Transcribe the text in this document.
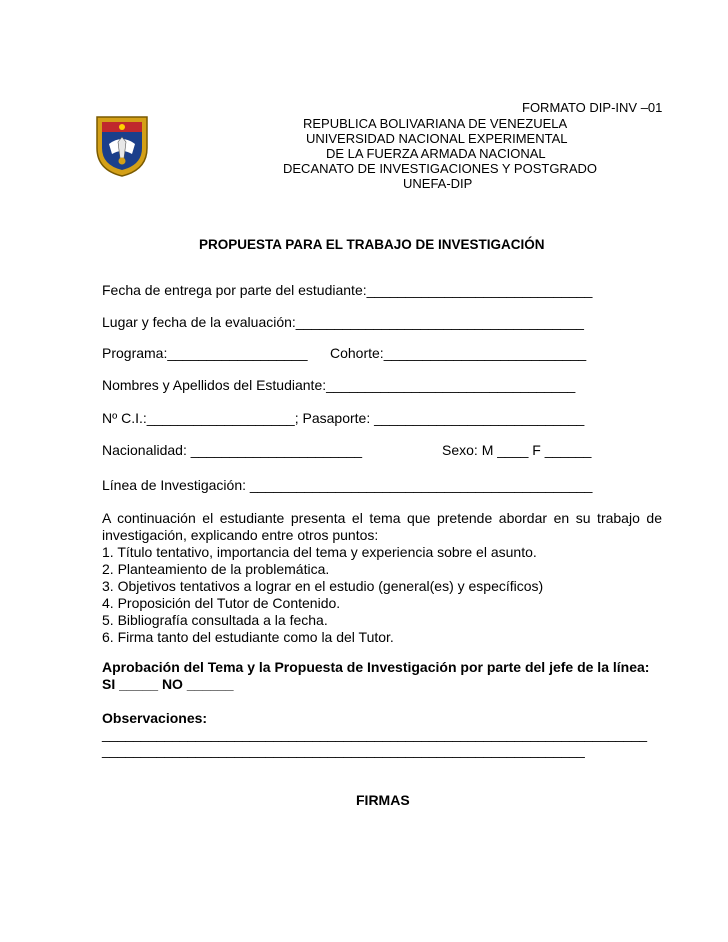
FORMATO DIP-INV –01
REPUBLICA BOLIVARIANA DE VENEZUELA
UNIVERSIDAD NACIONAL EXPERIMENTAL
DE LA FUERZA ARMADA NACIONAL
DECANATO DE INVESTIGACIONES Y POSTGRADO
UNEFA-DIP
PROPUESTA PARA EL TRABAJO DE INVESTIGACIÓN
Fecha de entrega por parte del estudiante:_____________________________
Lugar y fecha de la evaluación:_____________________________________
Programa:__________________ Cohorte:__________________________
Nombres y Apellidos del Estudiante:________________________________
Nº C.I.:___________________; Pasaporte: ___________________________
Nacionalidad: ______________________	Sexo: M ____ F ______
Línea de Investigación: ____________________________________________
A continuación el estudiante presenta el tema que pretende abordar en su trabajo de
investigación, explicando entre otros puntos:
1. Título tentativo, importancia del tema y experiencia sobre el asunto.
2. Planteamiento de la problemática.
3. Objetivos tentativos a lograr en el estudio (general(es) y específicos)
4. Proposición del Tutor de Contenido.
5. Bibliografía consultada a la fecha.
6. Firma tanto del estudiante como la del Tutor.
Aprobación del Tema y la Propuesta de Investigación por parte del jefe de la línea:
SI _____ NO ______
Observaciones:
______________________________________________________________________
______________________________________________________________
FIRMAS
